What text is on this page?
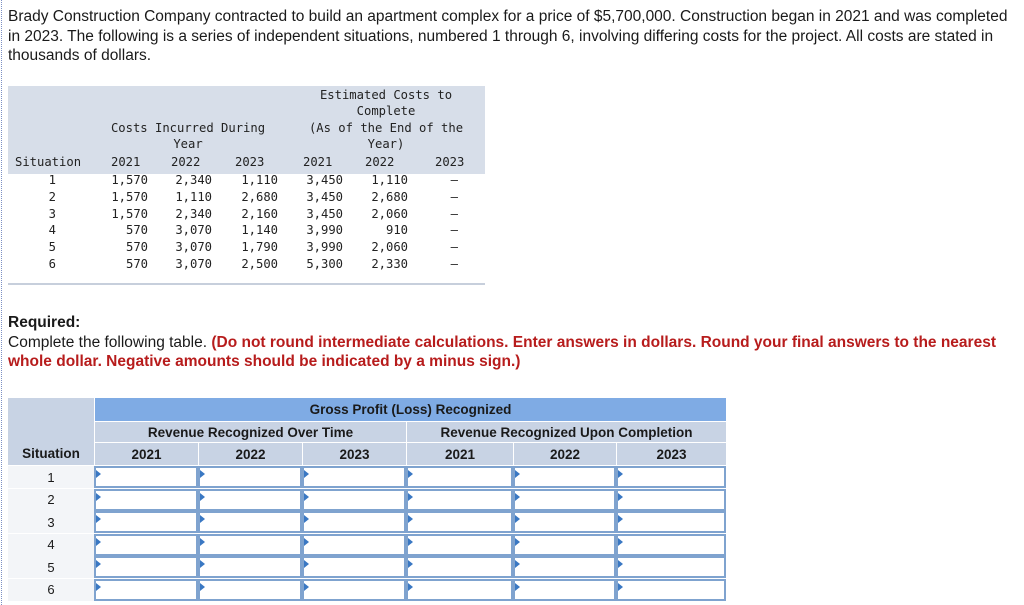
Brady Construction Company contracted to build an apartment complex for a price of $5,700,000. Construction began in 2021 and was completed in 2023. The following is a series of independent situations, numbered 1 through 6, involving differing costs for the project. All costs are stated in thousands of dollars.
Costs Incurred During
Year
Estimated Costs to
Complete
(As of the End of the
Year)
Situation 2021	2022	2023	2021	2022	2023
1	1,570	2,340	1,110	3,450	1,110	–
2	1,570	1,110	2,680	3,450	2,680	–
3	1,570	2,340	2,160	3,450	2,060	–
4	570	3,070	1,140	3,990	910	–
5	570	3,070	1,790	3,990	2,060	–
6	570	3,070	2,500	5,300	2,330	–
Required:
Complete the following table. (Do not round intermediate calculations. Enter answers in dollars. Round your final answers to the nearest whole dollar. Negative amounts should be indicated by a minus sign.)
Gross Profit (Loss) Recognized
Revenue Recognized Over Time	Revenue Recognized Upon Completion
Situation	2021	2022	2023	2021	2022	2023
1
2
3
4
5
6
